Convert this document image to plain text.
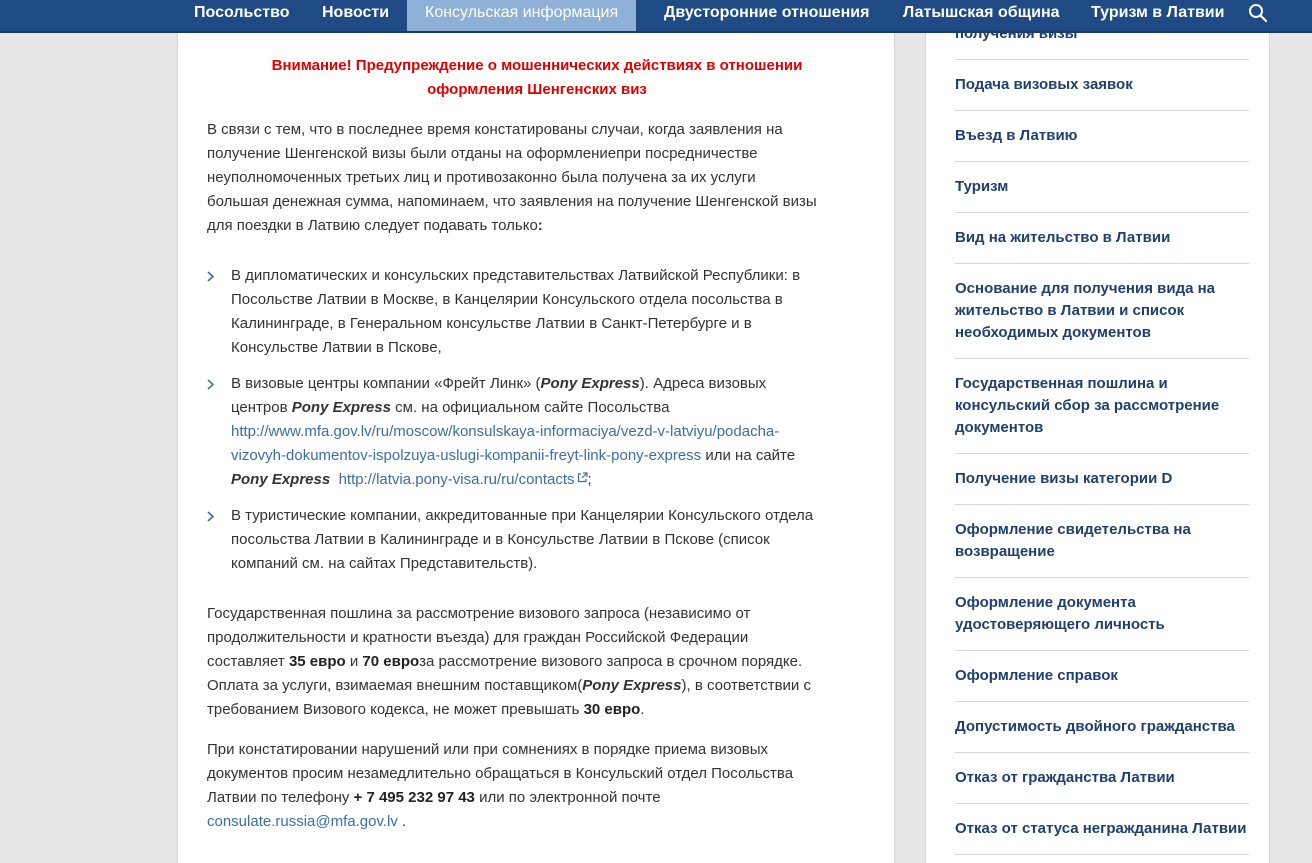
Посольство Новости	Консульская информация	Двусторонние отношения Латышская община Туризм в Латвии
Внимание! Предупреждение о мошеннических действиях в отношении
оформления Шенгенских виз
В связи с тем, что в последнее время констатированы случаи, когда заявления на
получение Шенгенской визы были отданы на оформлениепри посредничестве
неуполномоченных третьих лиц и противозаконно была получена за их услуги
большая денежная сумма, напоминаем, что заявления на получение Шенгенской визы
для поездки в Латвию следует подавать только:
В дипломатических и консульских представительствах Латвийской Республики: в
Посольстве Латвии в Москве, в Канцелярии Консульского отдела посольства в
Калининграде, в Генеральном консульстве Латвии в Санкт-Петербурге и в
Консульстве Латвии в Пскове,
В визовые центры компании «Фрейт Линк» (Pony Express). Адреса визовых
центров Pony Express см. на официальном сайте Посольства
http://www.mfa.gov.lv/ru/moscow/konsulskaya-informaciya/vezd-v-latviyu/podacha-
vizovyh-dokumentov-ispolzuya-uslugi-kompanii-freyt-link-pony-express или на сайте
Pony Express http://latvia.pony-visa.ru/ru/contacts ;
В туристические компании, аккредитованные при Канцелярии Консульского отдела
посольства Латвии в Калининграде и в Консульстве Латвии в Пскове (список
компаний см. на сайтах Представительств).
Государственная пошлина за рассмотрение визового запроса (независимо от
продолжительности и кратности въезда) для граждан Российской Федерации
составляет 35 евро и 70 евроза рассмотрение визового запроса в срочном порядке.
Оплата за услуги, взимаемая внешним поставщиком(Pony Express), в соответствии с
требованием Визового кодекса, не может превышать 30 евро.
При констатировании нарушений или при сомнениях в порядке приема визовых
документов просим незамедлительно обращаться в Консульский отдел Посольства
Латвии по телефону + 7 495 232 97 43 или по электронной почте
consulate.russia@mfa.gov.lv .
получения визы
Подача визовых заявок
Въезд в Латвию
Туризм
Вид на жительство в Латвии
Основание для получения вида на
жительство в Латвии и список
необходимых документов
Государственная пошлина и
консульский сбор за рассмотрение
документов
Получение визы категории D
Оформление свидетельства на
возвращение
Оформление документа
удостоверяющего личность
Оформление справок
Допустимость двойного гражданства
Отказ от гражданства Латвии
Отказ от статуса негражданина Латвии
